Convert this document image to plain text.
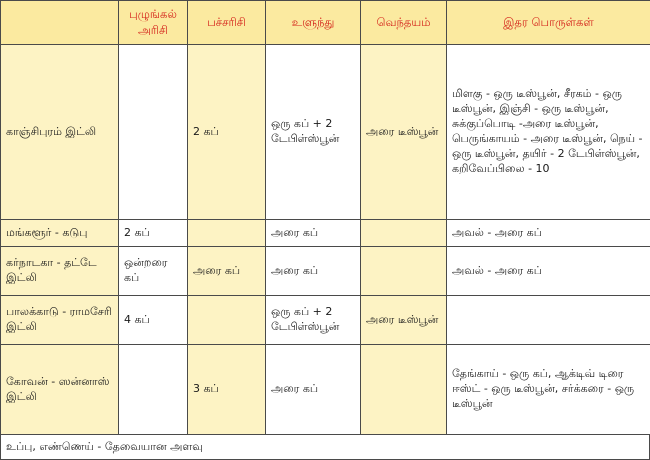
	புழுங்கல் அரிசி	பச்சரிசி	உளுந்து	வெந்தயம்	இதர பொருள்கள்
காஞ்சிபுரம் இட்லி		2 கப்	ஒரு கப் + 2 டேபிள்ஸ்பூன்	அரை டீஸ்பூன்	மிளகு - ஒரு டீஸ்பூன், சீரகம் - ஒரு டீஸ்பூன், இஞ்சி - ஒரு டீஸ்பூன், சுக்குப்பொடி -அரை டீஸ்பூன், பெருங்காயம் - அரை டீஸ்பூன், நெய் - ஒரு டீஸ்பூன், தயிர் - 2 டேபிள்ஸ்பூன், கறிவேப்பிலை - 10
மங்களூர் - கடுபு	2 கப்		அரை கப்		அவல் - அரை கப்
கர்நாடகா - தட்டே இட்லி	ஒன்றரை கப்	அரை கப்	அரை கப்		அவல் - அரை கப்
பாலக்காடு - ராமசேரி இட்லி	4 கப்		ஒரு கப் + 2 டேபிள்ஸ்பூன்	அரை டீஸ்பூன்	
கோவன் - ஸன்னாஸ் இட்லி		3 கப்	அரை கப்		தேங்காய் - ஒரு கப், ஆக்டிவ் டிரை ஈஸ்ட் - ஒரு டீஸ்பூன், சர்க்கரை - ஒரு டீஸ்பூன்
உப்பு, எண்ணெய் - தேவையான அளவு
